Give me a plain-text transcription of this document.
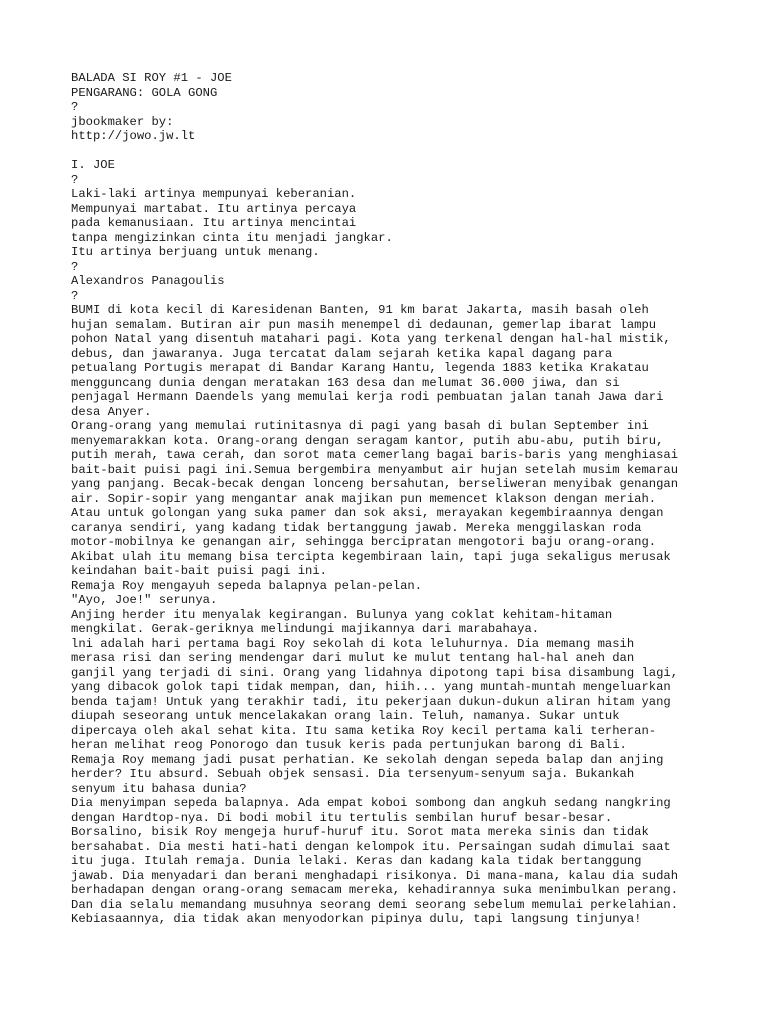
BALADA SI ROY #1 - JOE
PENGARANG: GOLA GONG
?
jbookmaker by:
http://jowo.jw.lt
I. JOE
?
Laki-laki artinya mempunyai keberanian.
Mempunyai martabat. Itu artinya percaya
pada kemanusiaan. Itu artinya mencintai
tanpa mengizinkan cinta itu menjadi jangkar.
Itu artinya berjuang untuk menang.
?
Alexandros Panagoulis
?
BUMI di kota kecil di Karesidenan Banten, 91 km barat Jakarta, masih basah oleh
hujan semalam. Butiran air pun masih menempel di dedaunan, gemerlap ibarat lampu
pohon Natal yang disentuh matahari pagi. Kota yang terkenal dengan hal-hal mistik,
debus, dan jawaranya. Juga tercatat dalam sejarah ketika kapal dagang para
petualang Portugis merapat di Bandar Karang Hantu, legenda 1883 ketika Krakatau
mengguncang dunia dengan meratakan 163 desa dan melumat 36.000 jiwa, dan si
penjagal Hermann Daendels yang memulai kerja rodi pembuatan jalan tanah Jawa dari
desa Anyer.
Orang-orang yang memulai rutinitasnya di pagi yang basah di bulan September ini
menyemarakkan kota. Orang-orang dengan seragam kantor, putih abu-abu, putih biru,
putih merah, tawa cerah, dan sorot mata cemerlang bagai baris-baris yang menghiasai
bait-bait puisi pagi ini.Semua bergembira menyambut air hujan setelah musim kemarau
yang panjang. Becak-becak dengan lonceng bersahutan, berseliweran menyibak genangan
air. Sopir-sopir yang mengantar anak majikan pun memencet klakson dengan meriah.
Atau untuk golongan yang suka pamer dan sok aksi, merayakan kegembiraannya dengan
caranya sendiri, yang kadang tidak bertanggung jawab. Mereka menggilaskan roda
motor-mobilnya ke genangan air, sehingga bercipratan mengotori baju orang-orang.
Akibat ulah itu memang bisa tercipta kegembiraan lain, tapi juga sekaligus merusak
keindahan bait-bait puisi pagi ini.
Remaja Roy mengayuh sepeda balapnya pelan-pelan.
"Ayo, Joe!" serunya.
Anjing herder itu menyalak kegirangan. Bulunya yang coklat kehitam-hitaman
mengkilat. Gerak-geriknya melindungi majikannya dari marabahaya.
lni adalah hari pertama bagi Roy sekolah di kota leluhurnya. Dia memang masih
merasa risi dan sering mendengar dari mulut ke mulut tentang hal-hal aneh dan
ganjil yang terjadi di sini. Orang yang lidahnya dipotong tapi bisa disambung lagi,
yang dibacok golok tapi tidak mempan, dan, hiih... yang muntah-muntah mengeluarkan
benda tajam! Untuk yang terakhir tadi, itu pekerjaan dukun-dukun aliran hitam yang
diupah seseorang untuk mencelakakan orang lain. Teluh, namanya. Sukar untuk
dipercaya oleh akal sehat kita. Itu sama ketika Roy kecil pertama kali terheran-
heran melihat reog Ponorogo dan tusuk keris pada pertunjukan barong di Bali.
Remaja Roy memang jadi pusat perhatian. Ke sekolah dengan sepeda balap dan anjing
herder? Itu absurd. Sebuah objek sensasi. Dia tersenyum-senyum saja. Bukankah
senyum itu bahasa dunia?
Dia menyimpan sepeda balapnya. Ada empat koboi sombong dan angkuh sedang nangkring
dengan Hardtop-nya. Di bodi mobil itu tertulis sembilan huruf besar-besar.
Borsalino, bisik Roy mengeja huruf-huruf itu. Sorot mata mereka sinis dan tidak
bersahabat. Dia mesti hati-hati dengan kelompok itu. Persaingan sudah dimulai saat
itu juga. Itulah remaja. Dunia lelaki. Keras dan kadang kala tidak bertanggung
jawab. Dia menyadari dan berani menghadapi risikonya. Di mana-mana, kalau dia sudah
berhadapan dengan orang-orang semacam mereka, kehadirannya suka menimbulkan perang.
Dan dia selalu memandang musuhnya seorang demi seorang sebelum memulai perkelahian.
Kebiasaannya, dia tidak akan menyodorkan pipinya dulu, tapi langsung tinjunya!
